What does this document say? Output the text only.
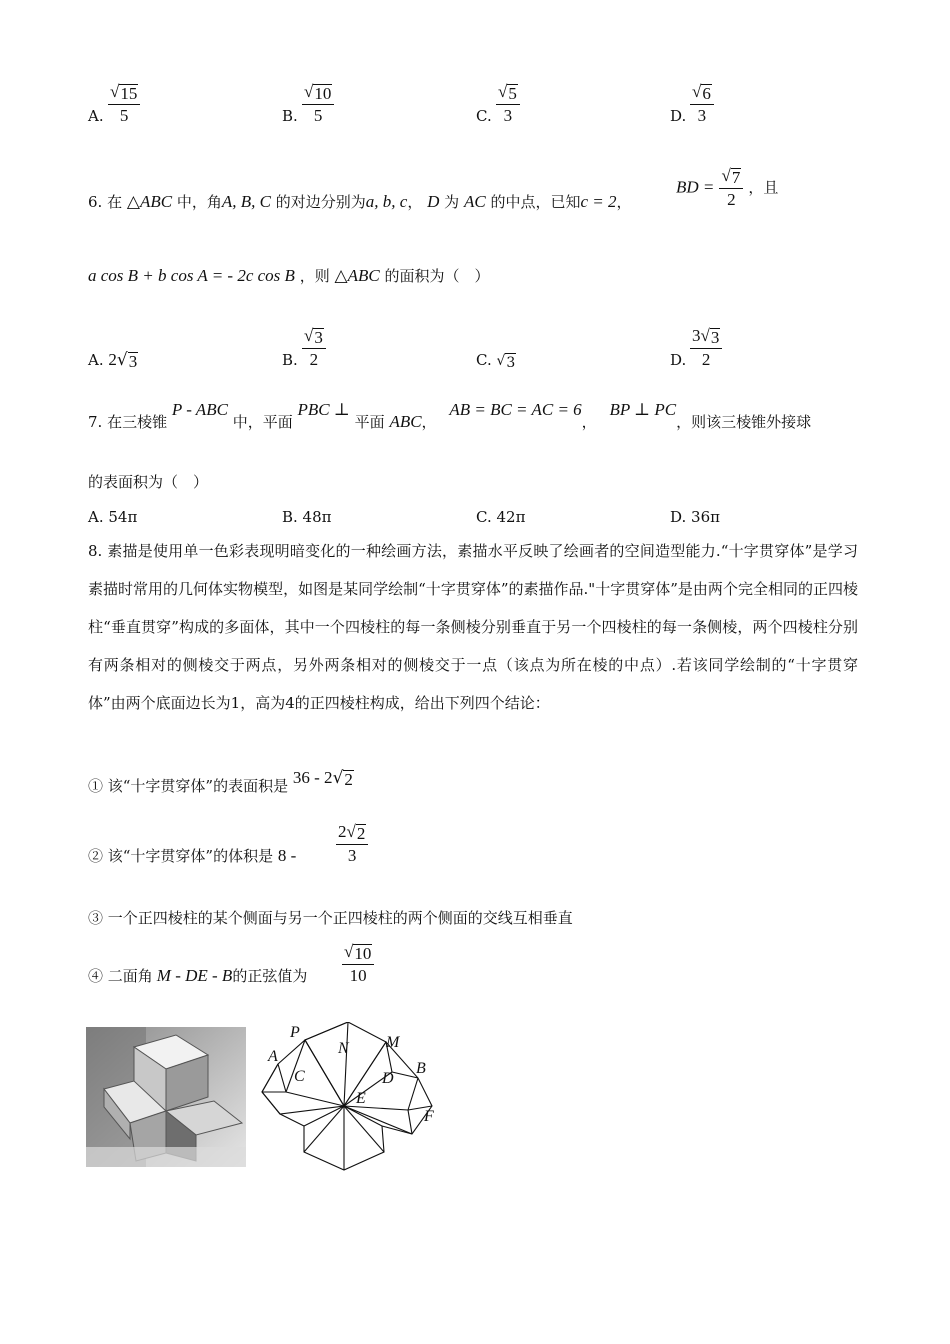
A. $\frac{√ 15}{5}$	B. $\frac{√ 10}{5}$	C. $\frac{√ 5}{3}$	D. $\frac{√ 6}{3}$
6. 在 △ABC 中，角A, B, C 的对边分别为a, b, c， D 为 AC 的中点，已知c = 2，
BD = $\frac{√ 7}{2}$ ，且
a cos B + b cos A = - 2c cos B ，则 △ABC 的面积为（　）
A. 2 √ 3	B. $\frac{√ 3}{2}$	C. √ 3	D. $\frac{3 √ 3}{2}$
7. 在三棱锥 P - ABC 中，平面 PBC ⊥ 平面 ABC， AB = BC = AC = 6， BP ⊥ PC，则该三棱锥外接球
的表面积为（　）
A. 54π	B. 48π	C. 42π	D. 36π
8. 素描是使用单一色彩表现明暗变化的一种绘画方法，素描水平反映了绘画者的空间造型能力.“十字贯穿体”是学习素描时常用的几何体实物模型，如图是某同学绘制“十字贯穿体”的素描作品."十字贯穿体”是由两个完全相同的正四棱柱“垂直贯穿”构成的多面体，其中一个四棱柱的每一条侧棱分别垂直于另一个四棱柱的每一条侧棱，两个四棱柱分别有两条相对的侧棱交于两点，另外两条相对的侧棱交于一点（该点为所在棱的中点）.若该同学绘制的“十字贯穿体”由两个底面边长为1，高为4的正四棱柱构成，给出下列四个结论：
① 该“十字贯穿体”的表面积是 36 - 2 √ 2
② 该“十字贯穿体”的体积是 $8 - \frac{2 √ 2}{3}$
③ 一个正四棱柱的某个侧面与另一个正四棱柱的两个侧面的交线互相垂直
④ 二面角 M - DE - B的正弦值为 $\frac{√ 10}{10}$
P
N M
A
C	D
B
E
F
